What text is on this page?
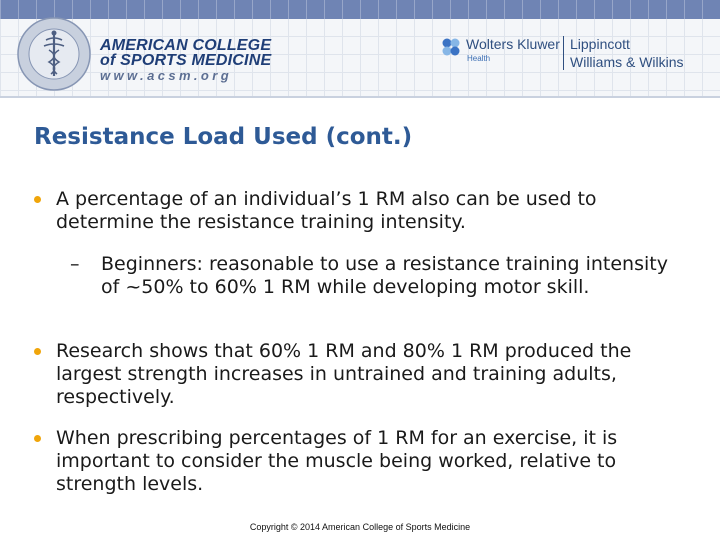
AMERICAN COLLEGE
of SPORTS MEDICINE
www.acsm.org
Wolters Kluwer
Health
Lippincott
Williams & Wilkins
Resistance Load Used (cont.)
A percentage of an individual’s 1 RM also can be used to determine the resistance training intensity.
– Beginners: reasonable to use a resistance training intensity of ~50% to 60% 1 RM while developing motor skill.
Research shows that 60% 1 RM and 80% 1 RM produced the largest strength increases in untrained and training adults, respectively.
When prescribing percentages of 1 RM for an exercise, it is important to consider the muscle being worked, relative to strength levels.
Copyright © 2014 American College of Sports Medicine
